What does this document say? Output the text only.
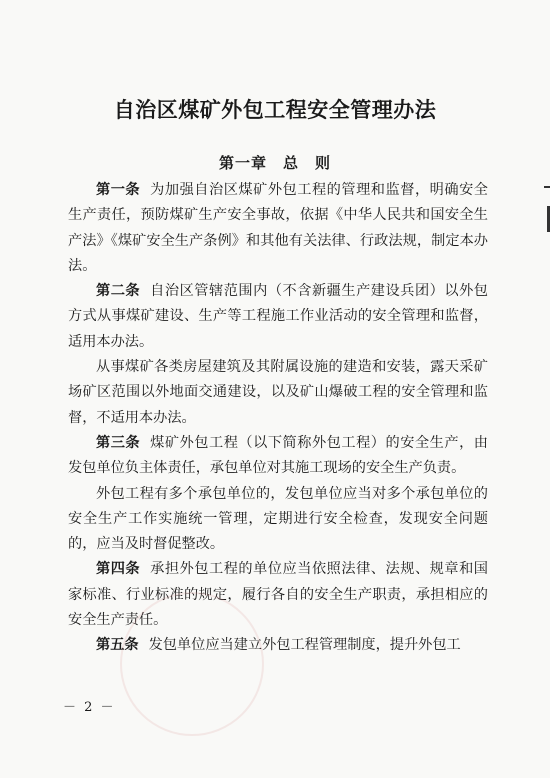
自治区煤矿外包工程安全管理办法
第一章　总　则

第一条 为加强自治区煤矿外包工程的管理和监督，明确安全生产责任，预防煤矿生产安全事故，依据《中华人民共和国安全生产法》《煤矿安全生产条例》和其他有关法律、行政法规，制定本办法。

第二条 自治区管辖范围内（不含新疆生产建设兵团）以外包方式从事煤矿建设、生产等工程施工作业活动的安全管理和监督，适用本办法。

从事煤矿各类房屋建筑及其附属设施的建造和安装，露天采矿场矿区范围以外地面交通建设，以及矿山爆破工程的安全管理和监督，不适用本办法。

第三条 煤矿外包工程（以下简称外包工程）的安全生产，由发包单位负主体责任，承包单位对其施工现场的安全生产负责。

外包工程有多个承包单位的，发包单位应当对多个承包单位的安全生产工作实施统一管理，定期进行安全检查，发现安全问题的，应当及时督促整改。

第四条 承担外包工程的单位应当依照法律、法规、规章和国家标准、行业标准的规定，履行各自的安全生产职责，承担相应的安全生产责任。

第五条 发包单位应当建立外包工程管理制度，提升外包工

－ 2 －
